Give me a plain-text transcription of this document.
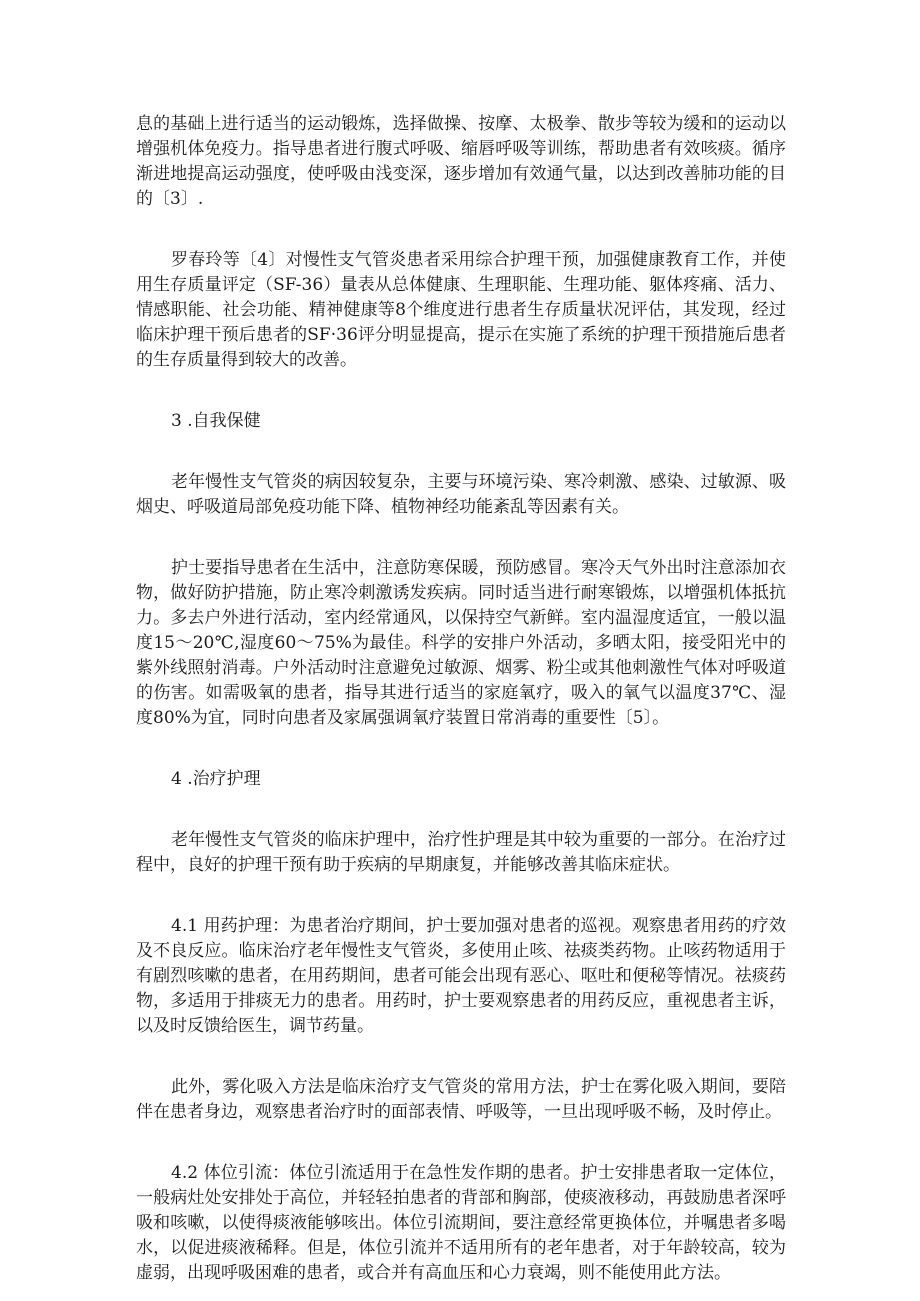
息的基础上进行适当的运动锻炼，选择做操、按摩、太极拳、散步等较为缓和的运动以增强机体免疫力。指导患者进行腹式呼吸、缩唇呼吸等训练，帮助患者有效咳痰。循序渐进地提高运动强度，使呼吸由浅变深，逐步增加有效通气量，以达到改善肺功能的目的〔3〕.

罗春玲等〔4〕对慢性支气管炎患者采用综合护理干预，加强健康教育工作，并使用生存质量评定（SF-36）量表从总体健康、生理职能、生理功能、躯体疼痛、活力、情感职能、社会功能、精神健康等8个维度进行患者生存质量状况评估，其发现，经过临床护理干预后患者的SF·36评分明显提高，提示在实施了系统的护理干预措施后患者的生存质量得到较大的改善。

3 .自我保健

老年慢性支气管炎的病因较复杂，主要与环境污染、寒冷刺激、感染、过敏源、吸烟史、呼吸道局部免疫功能下降、植物神经功能紊乱等因素有关。

护士要指导患者在生活中，注意防寒保暖，预防感冒。寒冷天气外出时注意添加衣物，做好防护措施，防止寒冷刺激诱发疾病。同时适当进行耐寒锻炼，以增强机体抵抗力。多去户外进行活动，室内经常通风，以保持空气新鲜。室内温湿度适宜，一般以温度15～20℃,湿度60～75%为最佳。科学的安排户外活动，多晒太阳，接受阳光中的紫外线照射消毒。户外活动时注意避免过敏源、烟雾、粉尘或其他刺激性气体对呼吸道的伤害。如需吸氧的患者，指导其进行适当的家庭氧疗，吸入的氧气以温度37℃、湿度80%为宜，同时向患者及家属强调氧疗装置日常消毒的重要性〔5〕。

4 .治疗护理

老年慢性支气管炎的临床护理中，治疗性护理是其中较为重要的一部分。在治疗过程中，良好的护理干预有助于疾病的早期康复，并能够改善其临床症状。

4.1 用药护理：为患者治疗期间，护士要加强对患者的巡视。观察患者用药的疗效及不良反应。临床治疗老年慢性支气管炎，多使用止咳、祛痰类药物。止咳药物适用于有剧烈咳嗽的患者，在用药期间，患者可能会出现有恶心、呕吐和便秘等情况。祛痰药物，多适用于排痰无力的患者。用药时，护士要观察患者的用药反应，重视患者主诉，以及时反馈给医生，调节药量。

此外，雾化吸入方法是临床治疗支气管炎的常用方法，护士在雾化吸入期间，要陪伴在患者身边，观察患者治疗时的面部表情、呼吸等，一旦出现呼吸不畅，及时停止。

4.2 体位引流：体位引流适用于在急性发作期的患者。护士安排患者取一定体位，一般病灶处安排处于高位，并轻轻拍患者的背部和胸部，使痰液移动，再鼓励患者深呼吸和咳嗽，以使得痰液能够咳出。体位引流期间，要注意经常更换体位，并嘱患者多喝水，以促进痰液稀释。但是，体位引流并不适用所有的老年患者，对于年龄较高，较为虚弱，出现呼吸困难的患者，或合并有高血压和心力衰竭，则不能使用此方法。
